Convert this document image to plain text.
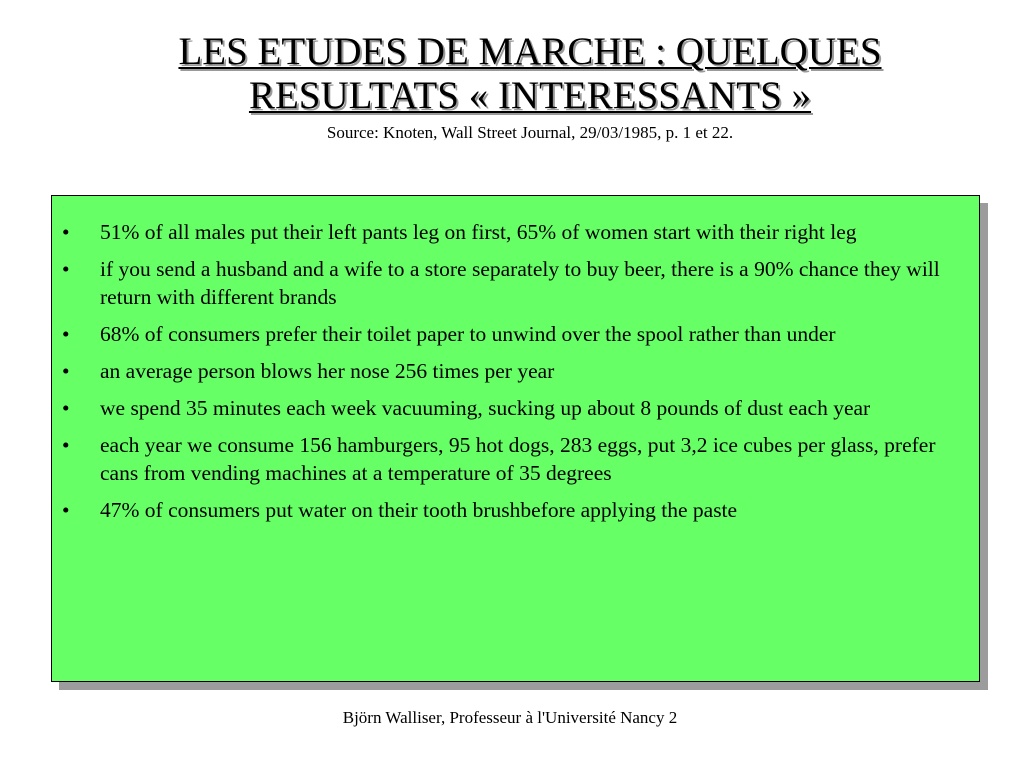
LES ETUDES DE MARCHE : QUELQUES
RESULTATS « INTERESSANTS »
Source: Knoten, Wall Street Journal, 29/03/1985, p. 1 et 22.
• 51% of all males put their left pants leg on first, 65% of women start with their right leg
• if you send a husband and a wife to a store separately to buy beer, there is a 90% chance they will return with different brands
• 68% of consumers prefer their toilet paper to unwind over the spool rather than under
• an average person blows her nose 256 times per year
• we spend 35 minutes each week vacuuming, sucking up about 8 pounds of dust each year
• each year we consume 156 hamburgers, 95 hot dogs, 283 eggs, put 3,2 ice cubes per glass, prefer cans from vending machines at a temperature of 35 degrees
• 47% of consumers put water on their tooth brushbefore applying the paste
Björn Walliser, Professeur à l'Université Nancy 2
